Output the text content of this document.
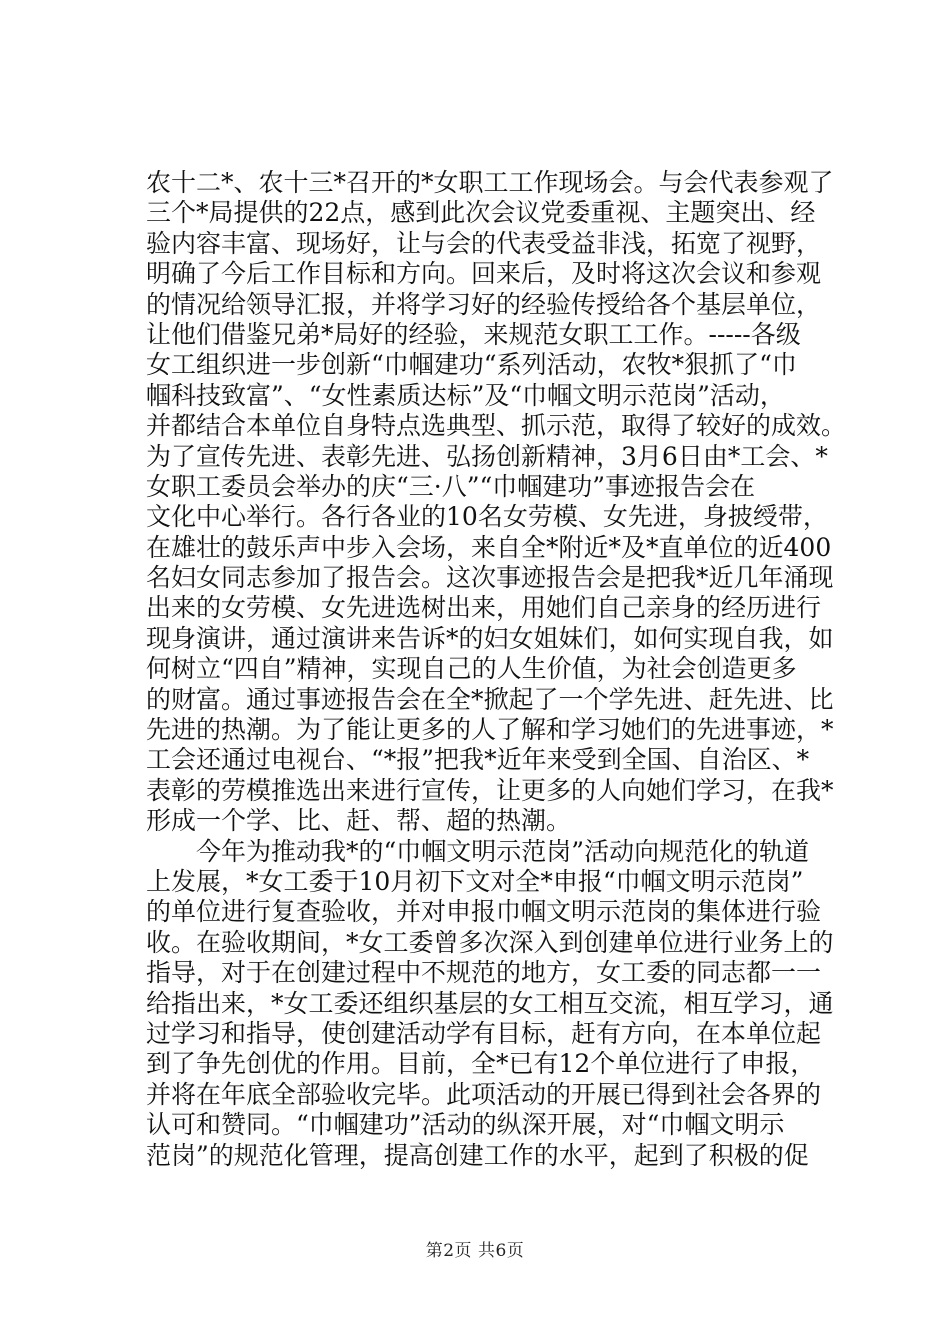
农十二*、农十三*召开的*女职工工作现场会。与会代表参观了
三个*局提供的22点，感到此次会议党委重视、主题突出、经
验内容丰富、现场好，让与会的代表受益非浅，拓宽了视野，
明确了今后工作目标和方向。回来后，及时将这次会议和参观
的情况给领导汇报，并将学习好的经验传授给各个基层单位，
让他们借鉴兄弟*局好的经验，来规范女职工工作。-----各级
女工组织进一步创新“巾帼建功“系列活动，农牧*狠抓了“巾
帼科技致富”、“女性素质达标”及“巾帼文明示范岗”活动，
并都结合本单位自身特点选典型、抓示范，取得了较好的成效。
为了宣传先进、表彰先进、弘扬创新精神，3月6日由*工会、*
女职工委员会举办的庆“三·八”“巾帼建功”事迹报告会在
文化中心举行。各行各业的10名女劳模、女先进，身披绶带，
在雄壮的鼓乐声中步入会场，来自全*附近*及*直单位的近400
名妇女同志参加了报告会。这次事迹报告会是把我*近几年涌现
出来的女劳模、女先进选树出来，用她们自己亲身的经历进行
现身演讲，通过演讲来告诉*的妇女姐妹们，如何实现自我，如
何树立“四自”精神，实现自己的人生价值，为社会创造更多
的财富。通过事迹报告会在全*掀起了一个学先进、赶先进、比
先进的热潮。为了能让更多的人了解和学习她们的先进事迹，*
工会还通过电视台、“*报”把我*近年来受到全国、自治区、*
表彰的劳模推选出来进行宣传，让更多的人向她们学习，在我*
形成一个学、比、赶、帮、超的热潮。
　　今年为推动我*的“巾帼文明示范岗”活动向规范化的轨道
上发展，*女工委于10月初下文对全*申报“巾帼文明示范岗”
的单位进行复查验收，并对申报巾帼文明示范岗的集体进行验
收。在验收期间，*女工委曾多次深入到创建单位进行业务上的
指导，对于在创建过程中不规范的地方，女工委的同志都一一
给指出来，*女工委还组织基层的女工相互交流，相互学习，通
过学习和指导，使创建活动学有目标，赶有方向，在本单位起
到了争先创优的作用。目前，全*已有12个单位进行了申报，
并将在年底全部验收完毕。此项活动的开展已得到社会各界的
认可和赞同。“巾帼建功”活动的纵深开展，对“巾帼文明示
范岗”的规范化管理，提高创建工作的水平，起到了积极的促
第2页 共6页
